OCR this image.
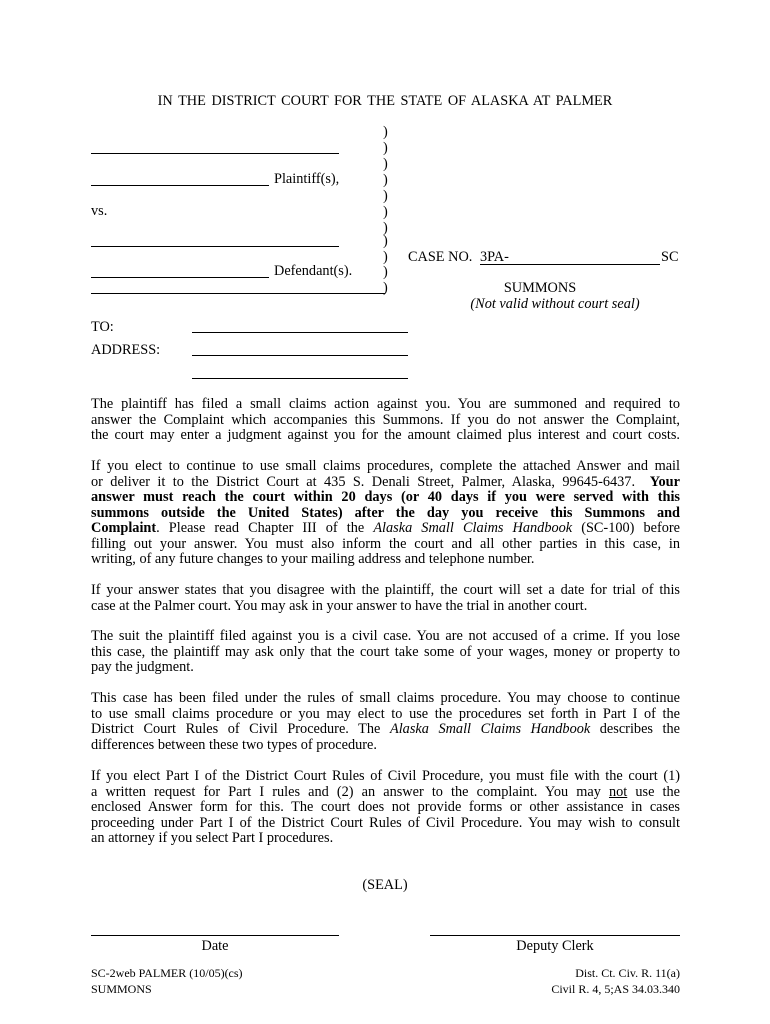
IN THE DISTRICT COURT FOR THE STATE OF ALASKA AT PALMER
)
)
)
)
)
)
)
)
)
)
)
Plaintiff(s),
vs.
Defendant(s).
CASE NO. 3PA-	SC
SUMMONS
(Not valid without court seal)
TO:
ADDRESS:
The plaintiff has filed a small claims action against you. You are summoned and required to
answer the Complaint which accompanies this Summons. If you do not answer the Complaint,
the court may enter a judgment against you for the amount claimed plus interest and court costs.
If you elect to continue to use small claims procedures, complete the attached Answer and mail
or deliver it to the District Court at 435 S. Denali Street, Palmer, Alaska, 99645-6437. Your
answer must reach the court within 20 days (or 40 days if you were served with this
summons outside the United States) after the day you receive this Summons and
Complaint. Please read Chapter III of the Alaska Small Claims Handbook (SC-100) before
filling out your answer. You must also inform the court and all other parties in this case, in
writing, of any future changes to your mailing address and telephone number.
If your answer states that you disagree with the plaintiff, the court will set a date for trial of this
case at the Palmer court. You may ask in your answer to have the trial in another court.
The suit the plaintiff filed against you is a civil case. You are not accused of a crime. If you lose
this case, the plaintiff may ask only that the court take some of your wages, money or property to
pay the judgment.
This case has been filed under the rules of small claims procedure. You may choose to continue
to use small claims procedure or you may elect to use the procedures set forth in Part I of the
District Court Rules of Civil Procedure. The Alaska Small Claims Handbook describes the
differences between these two types of procedure.
If you elect Part I of the District Court Rules of Civil Procedure, you must file with the court (1)
a written request for Part I rules and (2) an answer to the complaint. You may not use the
enclosed Answer form for this. The court does not provide forms or other assistance in cases
proceeding under Part I of the District Court Rules of Civil Procedure. You may wish to consult
an attorney if you select Part I procedures.
(SEAL)
Date	Deputy Clerk
SC-2web PALMER (10/05)(cs)
SUMMONS
Dist. Ct. Civ. R. 11(a)
Civil R. 4, 5;AS 34.03.340
